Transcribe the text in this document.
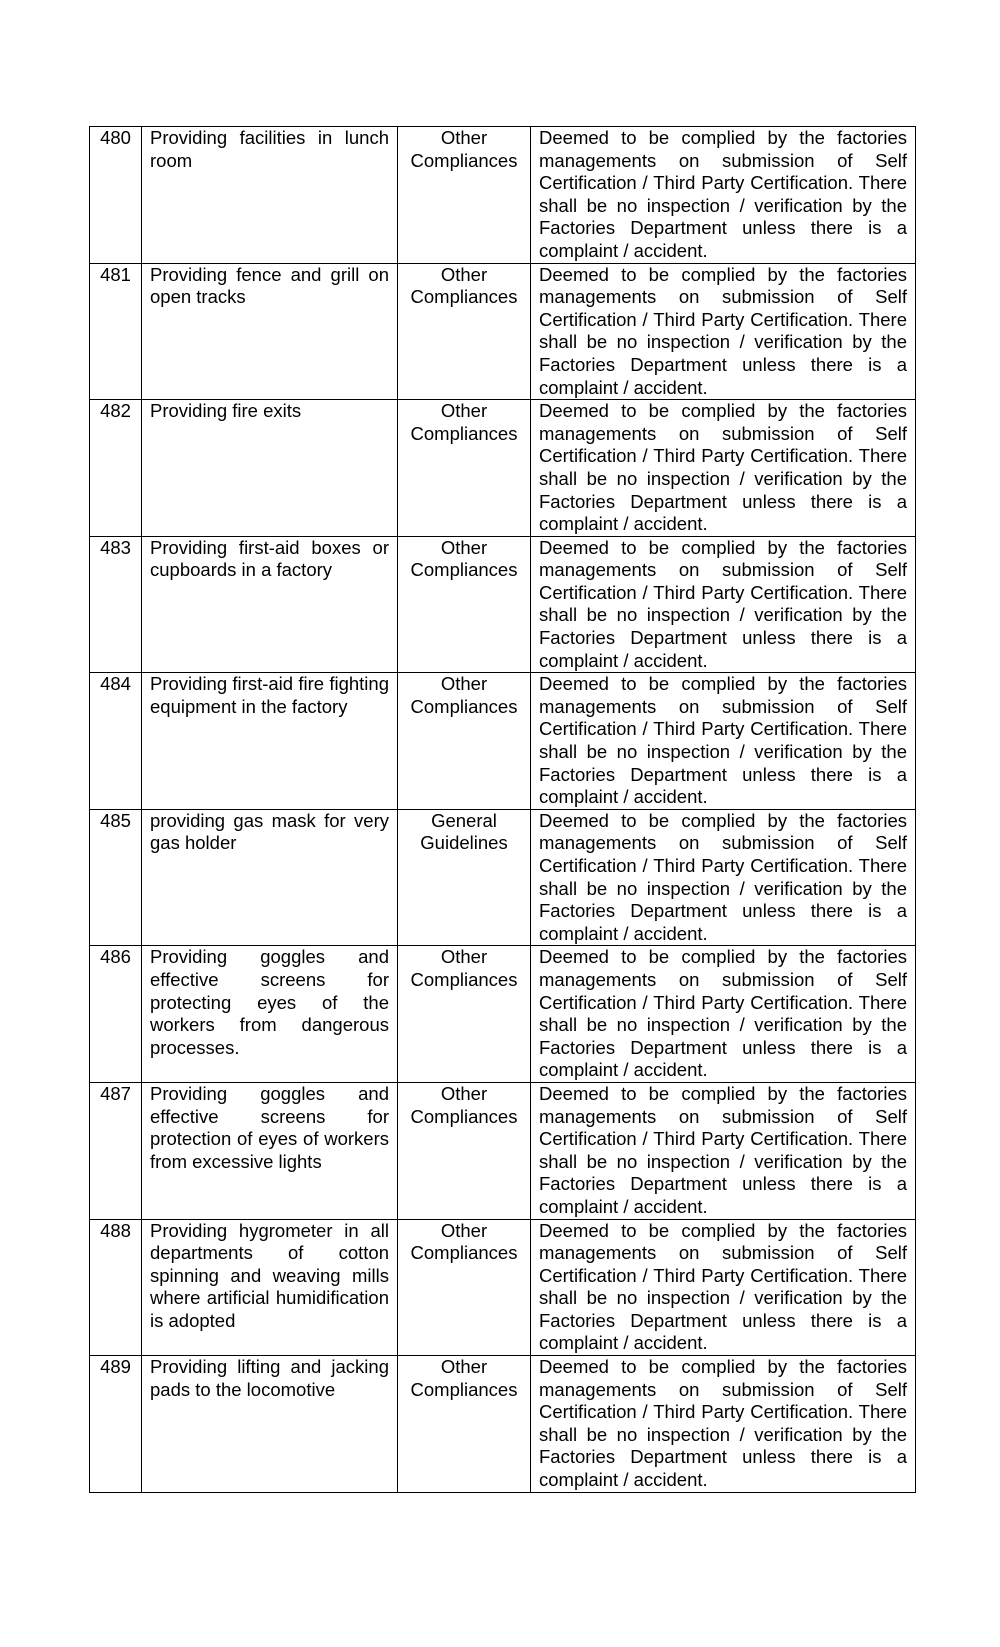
480	Providing facilities in lunch room	Other Compliances	Deemed to be complied by the factories managements on submission of Self Certification / Third Party Certification. There shall be no inspection / verification by the Factories Department unless there is a complaint / accident.
481	Providing fence and grill on open tracks	Other Compliances	Deemed to be complied by the factories managements on submission of Self Certification / Third Party Certification. There shall be no inspection / verification by the Factories Department unless there is a complaint / accident.
482	Providing fire exits	Other Compliances	Deemed to be complied by the factories managements on submission of Self Certification / Third Party Certification. There shall be no inspection / verification by the Factories Department unless there is a complaint / accident.
483	Providing first-aid boxes or cupboards in a factory	Other Compliances	Deemed to be complied by the factories managements on submission of Self Certification / Third Party Certification. There shall be no inspection / verification by the Factories Department unless there is a complaint / accident.
484	Providing first-aid fire fighting equipment in the factory	Other Compliances	Deemed to be complied by the factories managements on submission of Self Certification / Third Party Certification. There shall be no inspection / verification by the Factories Department unless there is a complaint / accident.
485	providing gas mask for very gas holder	General Guidelines	Deemed to be complied by the factories managements on submission of Self Certification / Third Party Certification. There shall be no inspection / verification by the Factories Department unless there is a complaint / accident.
486	Providing goggles and effective screens for protecting eyes of the workers from dangerous processes.	Other Compliances	Deemed to be complied by the factories managements on submission of Self Certification / Third Party Certification. There shall be no inspection / verification by the Factories Department unless there is a complaint / accident.
487	Providing goggles and effective screens for protection of eyes of workers from excessive lights	Other Compliances	Deemed to be complied by the factories managements on submission of Self Certification / Third Party Certification. There shall be no inspection / verification by the Factories Department unless there is a complaint / accident.
488	Providing hygrometer in all departments of cotton spinning and weaving mills where artificial humidification is adopted	Other Compliances	Deemed to be complied by the factories managements on submission of Self Certification / Third Party Certification. There shall be no inspection / verification by the Factories Department unless there is a complaint / accident.
489	Providing lifting and jacking pads to the locomotive	Other Compliances	Deemed to be complied by the factories managements on submission of Self Certification / Third Party Certification. There shall be no inspection / verification by the Factories Department unless there is a complaint / accident.
